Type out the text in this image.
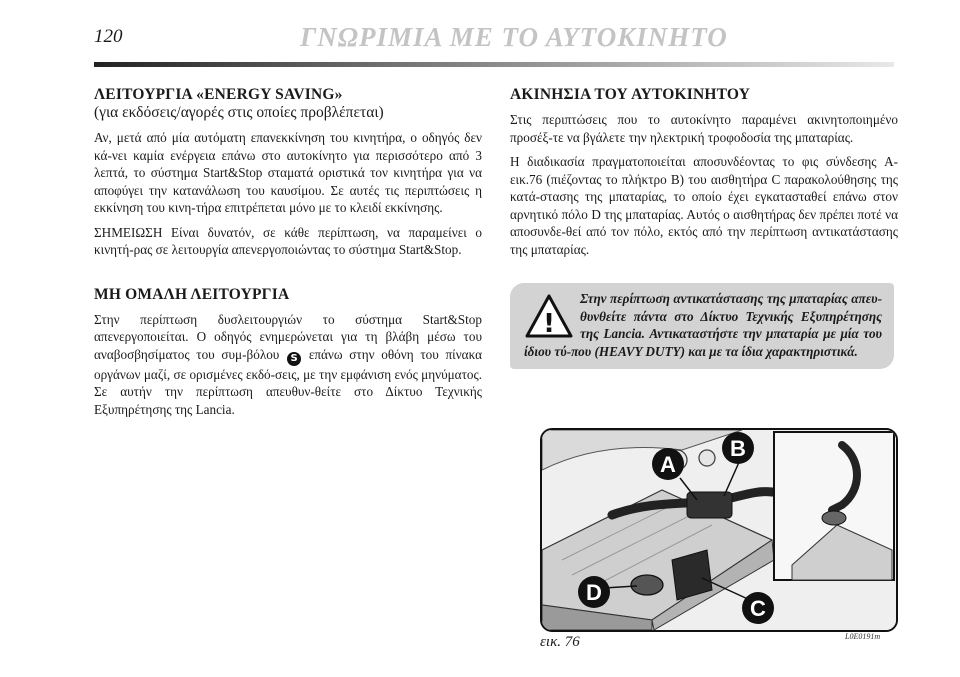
120	ΓΝΩΡΙΜΙΑ ΜΕ ΤΟ ΑΥΤΟΚΙΝΗΤΟ
ΛΕΙΤΟΥΡΓΙΑ «ENERGY SAVING»
(για εκδόσεις/αγορές στις οποίες προβλέπεται)

Αν, μετά από μία αυτόματη επανεκκίνηση του κινητήρα, ο οδηγός δεν κά-νει καμία ενέργεια επάνω στο αυτοκίνητο για περισσότερο από 3 λεπτά, το σύστημα Start&Stop σταματά οριστικά τον κινητήρα για να αποφύγει την κατανάλωση του καυσίμου. Σε αυτές τις περιπτώσεις η εκκίνηση του κινη-τήρα επιτρέπεται μόνο με το κλειδί εκκίνησης.

ΣΗΜΕΙΩΣΗ Είναι δυνατόν, σε κάθε περίπτωση, να παραμείνει ο κινητή-ρας σε λειτουργία απενεργοποιώντας το σύστημα Start&Stop.

ΜΗ ΟΜΑΛΗ ΛΕΙΤΟΥΡΓΙΑ

Στην περίπτωση δυσλειτουργιών το σύστημα Start&Stop απενεργοποιείται. Ο οδηγός ενημερώνεται για τη βλάβη μέσω του αναβοσβησίματος του συμ-βόλου S επάνω στην οθόνη του πίνακα οργάνων μαζί, σε ορισμένες εκδό-σεις, με την εμφάνιση ενός μηνύματος. Σε αυτήν την περίπτωση απευθυν-θείτε στο Δίκτυο Τεχνικής Εξυπηρέτησης της Lancia.

ΑΚΙΝΗΣΙΑ ΤΟΥ ΑΥΤΟΚΙΝΗΤΟΥ

Στις περιπτώσεις που το αυτοκίνητο παραμένει ακινητοποιημένο προσέξ-τε να βγάλετε την ηλεκτρική τροφοδοσία της μπαταρίας.

Η διαδικασία πραγματοποιείται αποσυνδέοντας το φις σύνδεσης A-εικ.76 (πιέζοντας το πλήκτρο B) του αισθητήρα C παρακολούθησης της κατά-στασης της μπαταρίας, το οποίο έχει εγκατασταθεί επάνω στον αρνητικό πόλο D της μπαταρίας. Αυτός ο αισθητήρας δεν πρέπει ποτέ να αποσυνδε-θεί από τον πόλο, εκτός από την περίπτωση αντικατάστασης της μπαταρίας.

!

Στην περίπτωση αντικατάστασης της μπαταρίας απευ-θυνθείτε πάντα στο Δίκτυο Τεχνικής Εξυπηρέτησης της Lancia. Αντικαταστήστε την μπαταρία με μία του ίδιου τύ-που (HEAVY DUTY) και με τα ίδια χαρακτηριστικά.

A
B
C
D
εικ. 76	L0E0191m
